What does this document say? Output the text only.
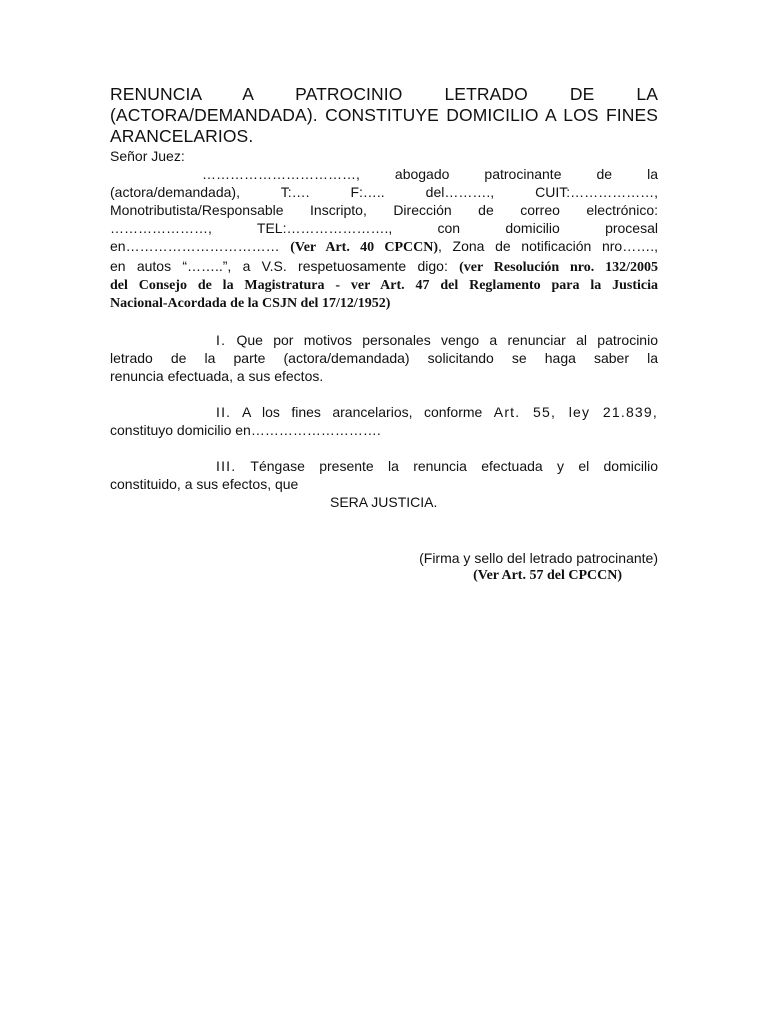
RENUNCIA A PATROCINIO LETRADO DE LA
(ACTORA/DEMANDADA). CONSTITUYE DOMICILIO A LOS FINES
ARANCELARIOS.
Señor Juez:
……………………………, abogado patrocinante de la
(actora/demandada), T:…. F:….. del………., CUIT:………………,
Monotributista/Responsable Inscripto, Dirección de correo electrónico:
…………………, TEL:…………………., con domicilio procesal
en…………………………… (Ver Art. 40 CPCCN), Zona de notificación nro…….,
en autos “……..”, a V.S. respetuosamente digo: (ver Resolución nro. 132/2005
del Consejo de la Magistratura - ver Art. 47 del Reglamento para la Justicia
Nacional-Acordada de la CSJN del 17/12/1952)
I. Que por motivos personales vengo a renunciar al patrocinio
letrado de la parte (actora/demandada) solicitando se haga saber la
renuncia efectuada, a sus efectos.
II. A los fines arancelarios, conforme Art. 55, ley 21.839,
constituyo domicilio en……………………….
III. Téngase presente la renuncia efectuada y el domicilio
constituido, a sus efectos, que
SERA JUSTICIA.
(Firma y sello del letrado patrocinante)
(Ver Art. 57 del CPCCN)
